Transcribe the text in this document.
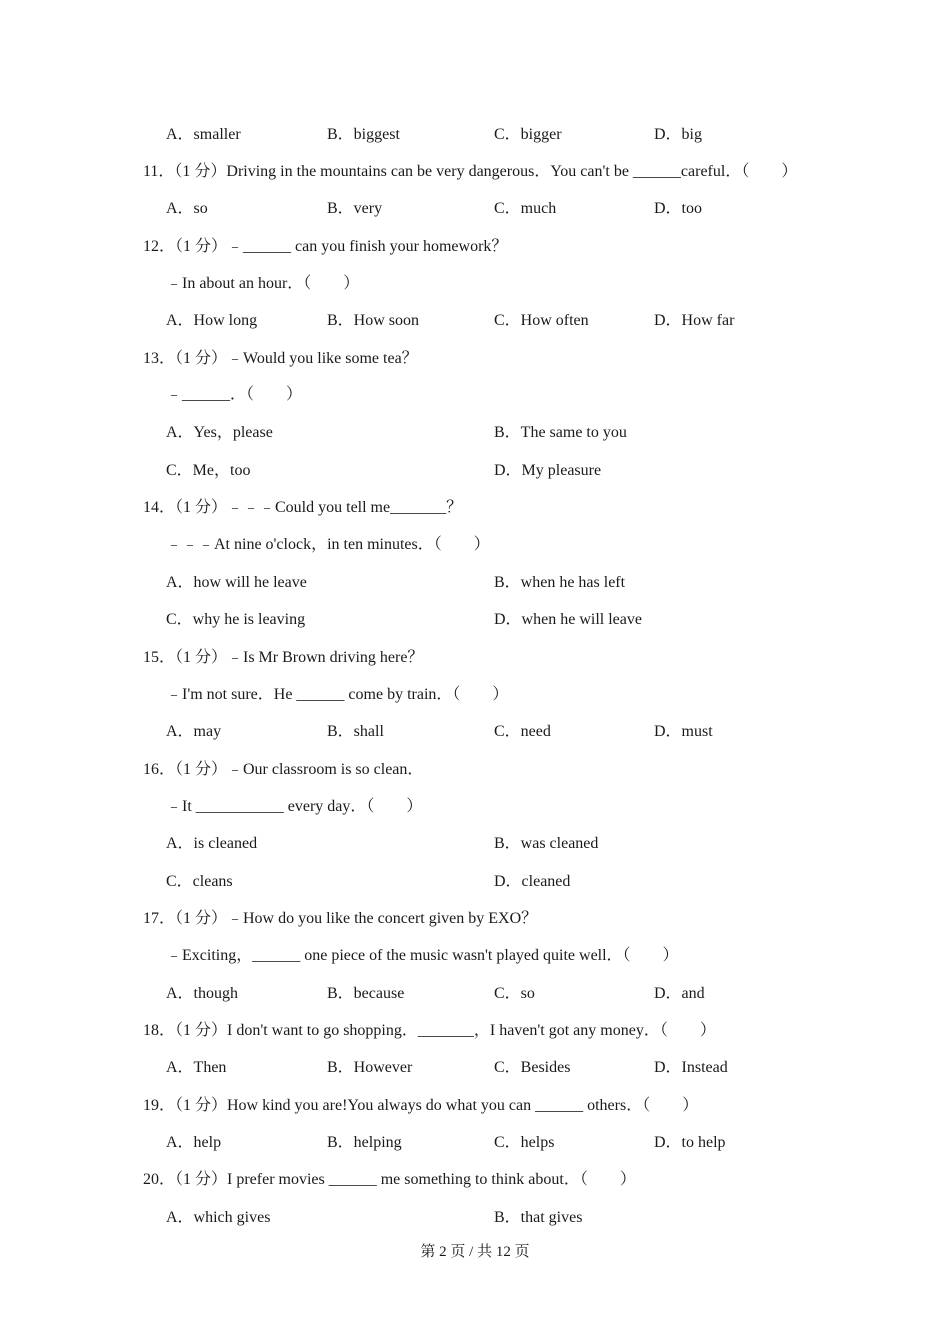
A．smaller	B．biggest	C．bigger	D．big
11．（1 分）Driving in the mountains can be very dangerous．You can't be ______careful．（　　）
A．so	B．very	C．much	D．too
12．（1 分）﹣______ can you finish your homework？
﹣In about an hour．（　　）
A．How long	B．How soon	C．How often	D．How far
13．（1 分）﹣Would you like some tea？
﹣______．（　　）
A．Yes，please	B．The same to you
C．Me，too	D．My pleasure
14．（1 分）﹣﹣﹣Could you tell me_______？
﹣﹣﹣At nine o'clock，in ten minutes．（　　）
A．how will he leave	B．when he has left
C．why he is leaving	D．when he will leave
15．（1 分）﹣Is Mr Brown driving here？
﹣I'm not sure．He ______ come by train．（　　）
A．may	B．shall	C．need	D．must
16．（1 分）﹣Our classroom is so clean．
﹣It ___________ every day．（　　）
A．is cleaned	B．was cleaned
C．cleans	D．cleaned
17．（1 分）﹣How do you like the concert given by EXO？
﹣Exciting，______ one piece of the music wasn't played quite well．（　　）
A．though	B．because	C．so	D．and
18．（1 分）I don't want to go shopping．_______，I haven't got any money．（　　）
A．Then	B．However	C．Besides	D．Instead
19．（1 分）How kind you are!You always do what you can ______ others．（　　）
A．help	B．helping	C．helps	D．to help
20．（1 分）I prefer movies ______ me something to think about．（　　）
A．which gives	B．that gives
第 2 页 / 共 12 页
